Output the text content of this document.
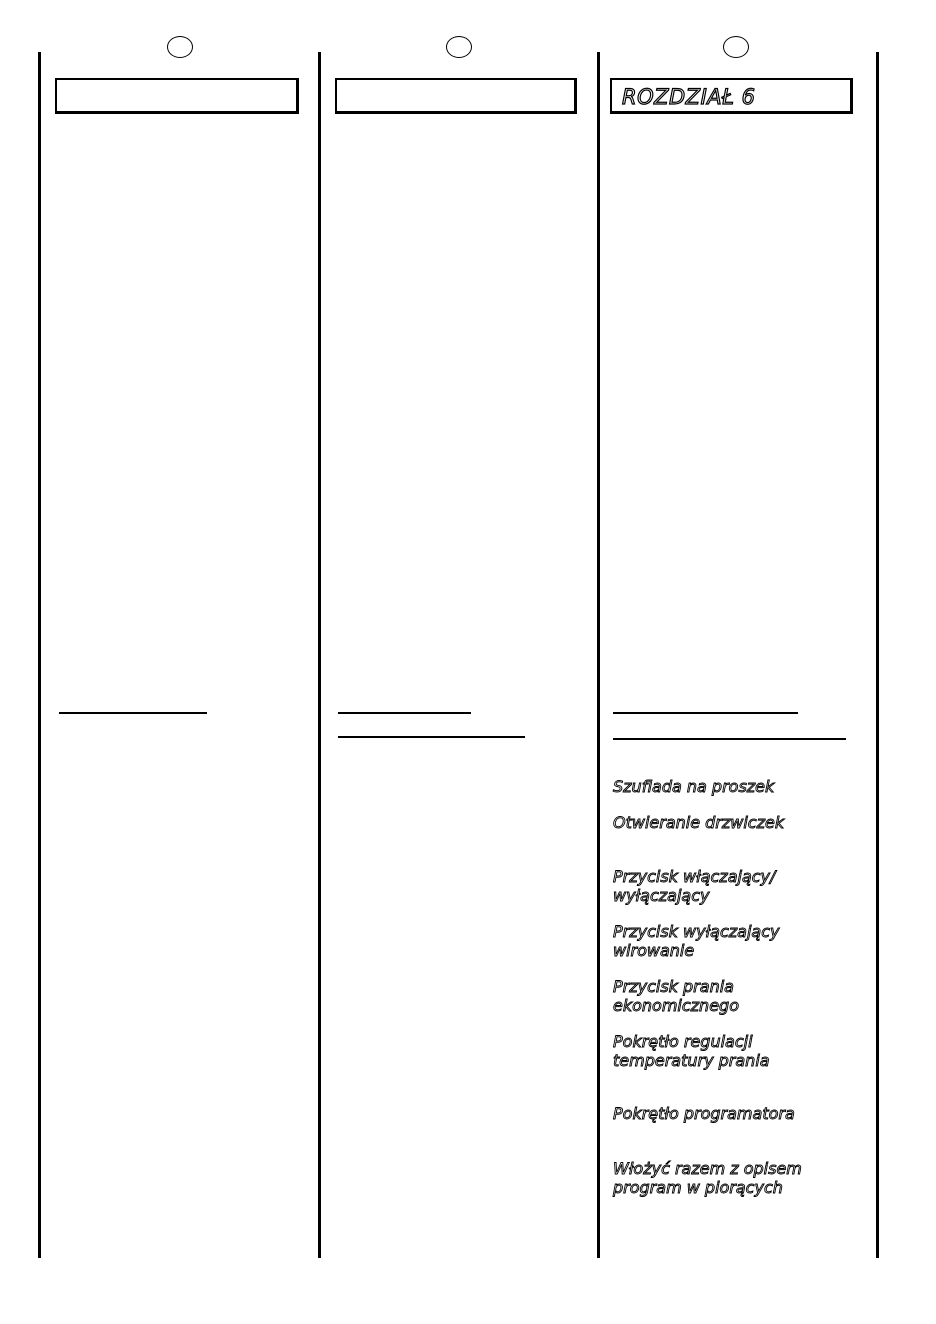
ROZDZIAŁ 6
Szuflada na proszek
Otwieranie drzwiczek
Przycisk włączający/
wyłączający
Przycisk wyłączający
wirowanie
Przycisk prania
ekonomicznego
Pokrętło regulacji
temperatury prania
Pokrętło programatora
Włożyć razem z opisem
program w piorących
